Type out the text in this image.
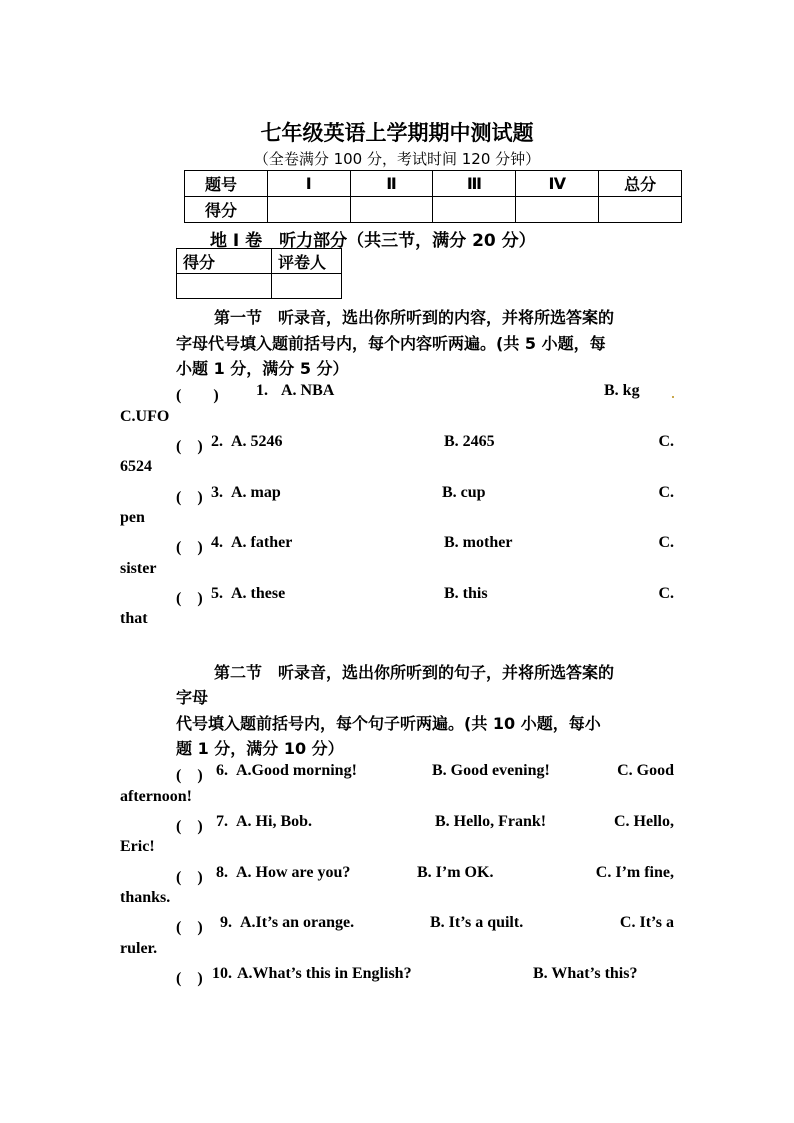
七年级英语上学期期中测试题
（全卷满分 100 分，考试时间 120 分钟）
题号	Ⅰ	Ⅱ	Ⅲ	Ⅳ	总分
得分					
地 I 卷　听力部分（共三节，满分 20 分）
得分	评卷人

第一节　听录音，选出你所听到的内容，并将所选答案的
字母代号填入题前括号内，每个内容听两遍。(共 5 小题，每
小题 1 分，满分 5 分）
(　　) 1. A. NBA	B. kg
C.UFO
(　) 2. A. 5246	B. 2465	C.
6524
(　) 3. A. map	B. cup	C.
pen
(　) 4. A. father	B. mother	C.
sister
(　) 5. A. these	B. this	C.
that
第二节　听录音，选出你所听到的句子，并将所选答案的
字母
代号填入题前括号内，每个句子听两遍。(共 10 小题，每小
题 1 分，满分 10 分）
(　) 6. A.Good morning!	B. Good evening!	C. Good
afternoon!
(　) 7. A. Hi, Bob.	B. Hello, Frank!	C. Hello,
Eric!
(　) 8. A. How are you?	B. I’m OK.	C. I’m fine,
thanks.
(　) 9. A.It’s an orange.	B. It’s a quilt.	C. It’s a
ruler.
(　) 10. A.What’s this in English?	B. What’s this?
